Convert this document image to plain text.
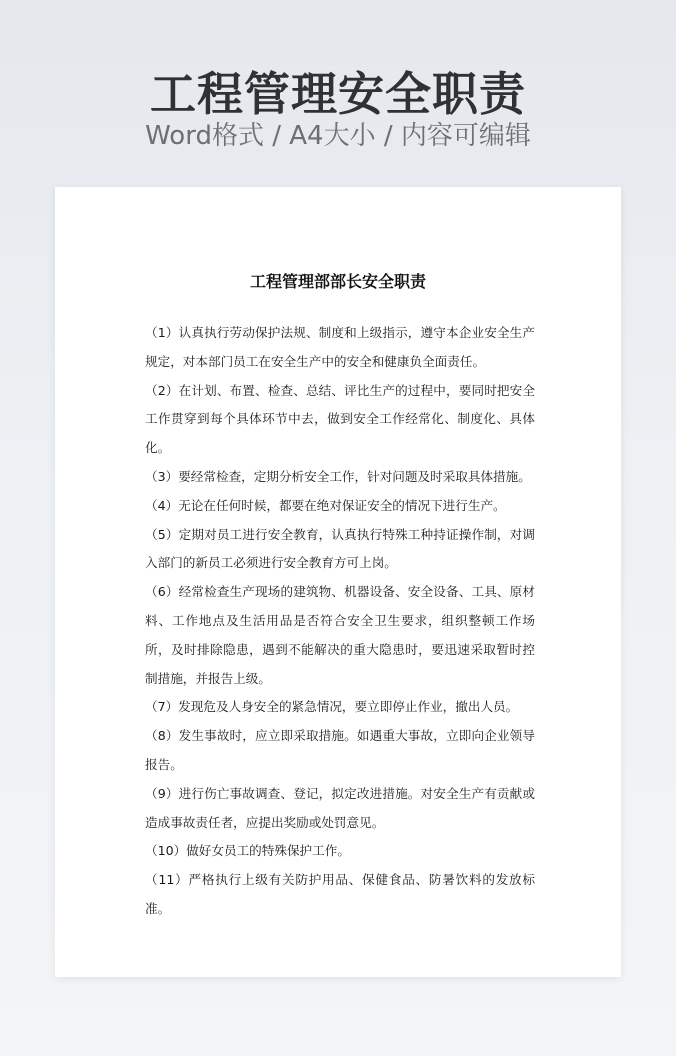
工程管理安全职责
Word格式 / A4大小 / 内容可编辑
工程管理部部长安全职责

（1）认真执行劳动保护法规、制度和上级指示，遵守本企业安全生产规定，对本部门员工在安全生产中的安全和健康负全面责任。

（2）在计划、布置、检查、总结、评比生产的过程中，要同时把安全工作贯穿到每个具体环节中去，做到安全工作经常化、制度化、具体化。

（3）要经常检查，定期分析安全工作，针对问题及时采取具体措施。

（4）无论在任何时候，都要在绝对保证安全的情况下进行生产。

（5）定期对员工进行安全教育，认真执行特殊工种持证操作制，对调入部门的新员工必须进行安全教育方可上岗。

（6）经常检查生产现场的建筑物、机器设备、安全设备、工具、原材料、工作地点及生活用品是否符合安全卫生要求，组织整顿工作场所，及时排除隐患，遇到不能解决的重大隐患时，要迅速采取暂时控制措施，并报告上级。

（7）发现危及人身安全的紧急情况，要立即停止作业，撤出人员。

（8）发生事故时，应立即采取措施。如遇重大事故，立即向企业领导报告。

（9）进行伤亡事故调查、登记，拟定改进措施。对安全生产有贡献或造成事故责任者，应提出奖励或处罚意见。

（10）做好女员工的特殊保护工作。

（11）严格执行上级有关防护用品、保健食品、防暑饮料的发放标准。
